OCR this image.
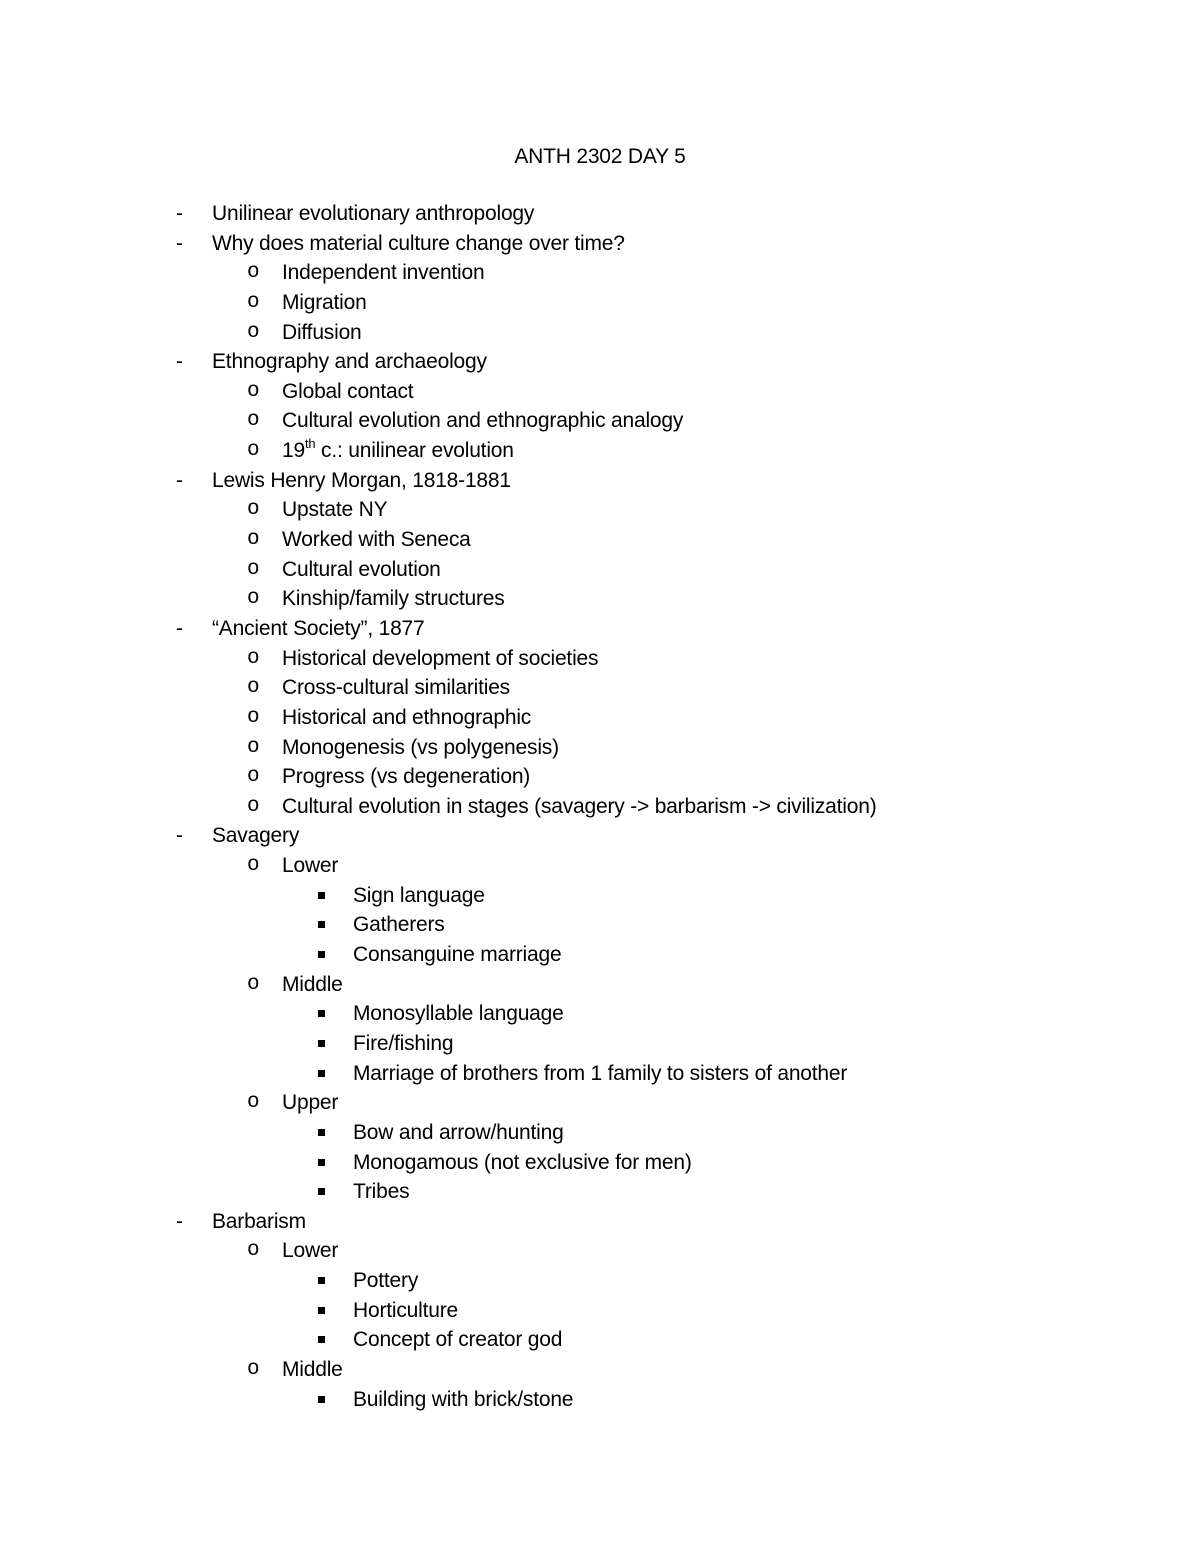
ANTH 2302 DAY 5
- Unilinear evolutionary anthropology
- Why does material culture change over time?
o Independent invention
o Migration
o Diffusion
- Ethnography and archaeology
o Global contact
o Cultural evolution and ethnographic analogy
o 19th c.: unilinear evolution
- Lewis Henry Morgan, 1818-1881
o Upstate NY
o Worked with Seneca
o Cultural evolution
o Kinship/family structures
- “Ancient Society”, 1877
o Historical development of societies
o Cross-cultural similarities
o Historical and ethnographic
o Monogenesis (vs polygenesis)
o Progress (vs degeneration)
o Cultural evolution in stages (savagery -> barbarism -> civilization)
- Savagery
o Lower
Sign language
Gatherers
Consanguine marriage
o Middle
Monosyllable language
Fire/fishing
Marriage of brothers from 1 family to sisters of another
o Upper
Bow and arrow/hunting
Monogamous (not exclusive for men)
Tribes
- Barbarism
o Lower
Pottery
Horticulture
Concept of creator god
o Middle
Building with brick/stone
